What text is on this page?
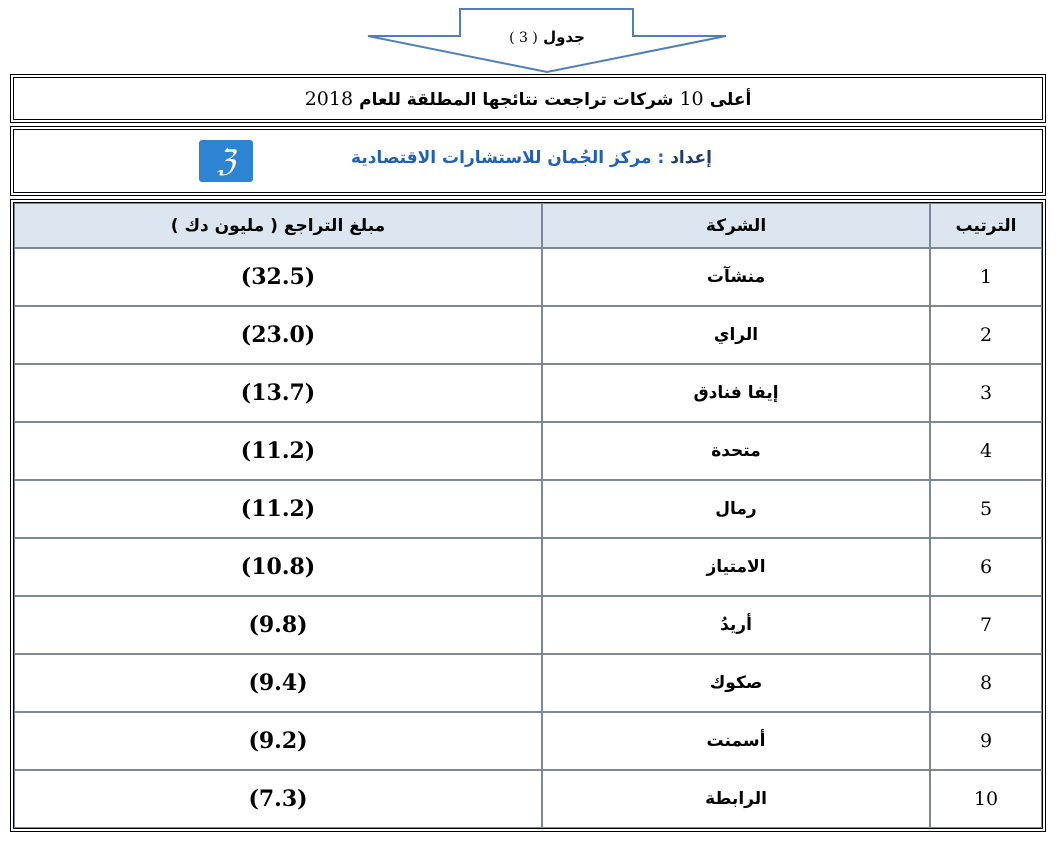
جدول ( 3 )
أعلى 10 شركات تراجعت نتائجها المطلقة للعام 2018
إعداد : مركز الجُمان للاستشارات الاقتصادية
ℨ
مبلغ التراجع ( مليون دك )	الشركة	الترتيب
(32.5)	منشآت	1
(23.0)	الراي	2
(13.7)	إيفا فنادق	3
(11.2)	متحدة	4
(11.2)	رمال	5
(10.8)	الامتياز	6
(9.8)	أريدُ	7
(9.4)	صكوك	8
(9.2)	أسمنت	9
(7.3)	الرابطة	10
